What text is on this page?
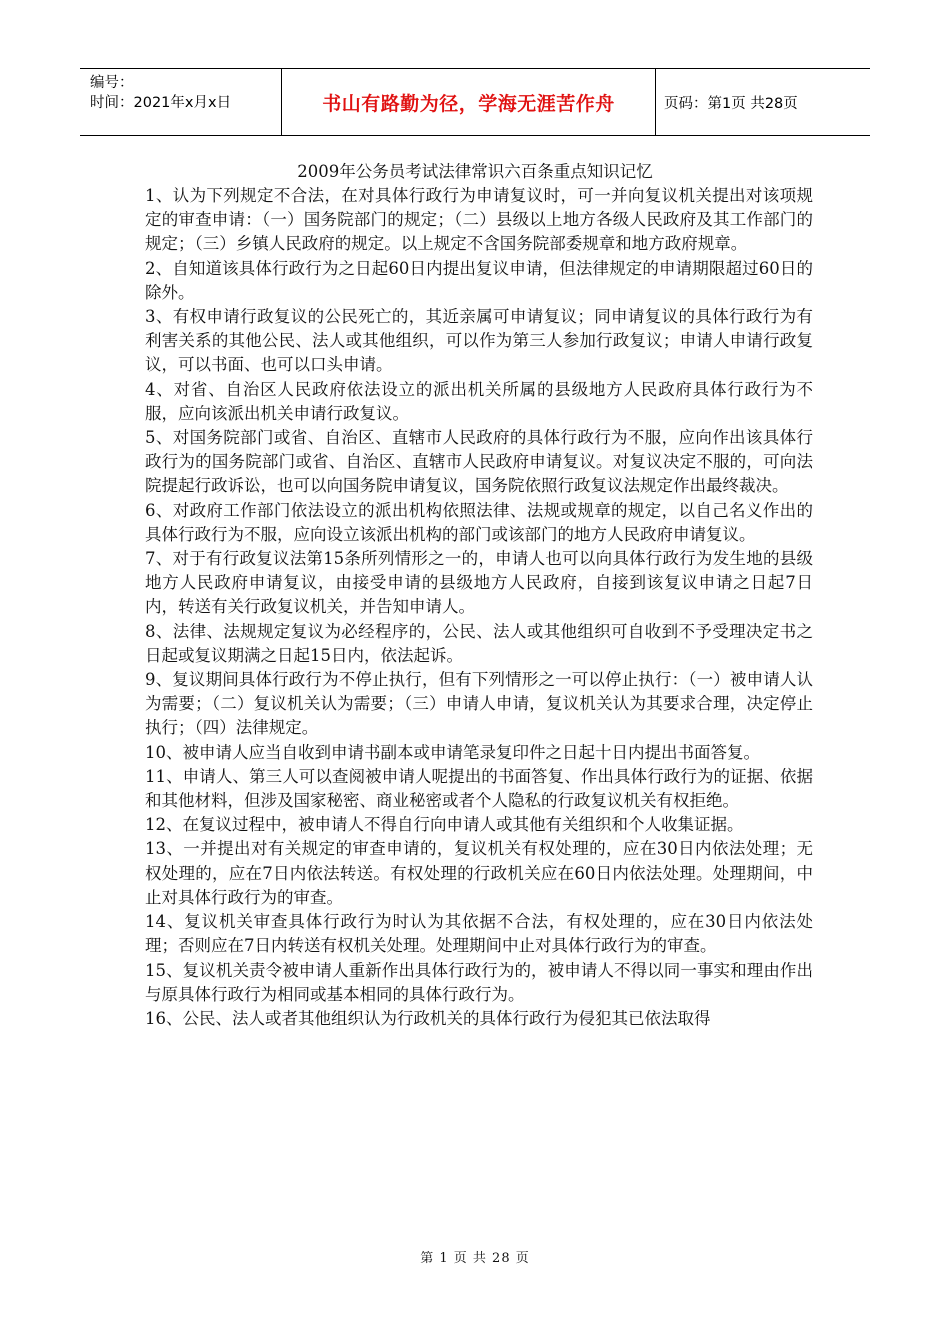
编号：
时间：2021年x月x日	书山有路勤为径，学海无涯苦作舟	页码：第1页 共28页
2009年公务员考试法律常识六百条重点知识记忆

1、认为下列规定不合法，在对具体行政行为申请复议时，可一并向复议机关提出对该项规定的审查申请：（一）国务院部门的规定；（二）县级以上地方各级人民政府及其工作部门的规定；（三）乡镇人民政府的规定。以上规定不含国务院部委规章和地方政府规章。

2、自知道该具体行政行为之日起60日内提出复议申请，但法律规定的申请期限超过60日的除外。

3、有权申请行政复议的公民死亡的，其近亲属可申请复议；同申请复议的具体行政行为有利害关系的其他公民、法人或其他组织，可以作为第三人参加行政复议；申请人申请行政复议，可以书面、也可以口头申请。

4、对省、自治区人民政府依法设立的派出机关所属的县级地方人民政府具体行政行为不服，应向该派出机关申请行政复议。

5、对国务院部门或省、自治区、直辖市人民政府的具体行政行为不服，应向作出该具体行政行为的国务院部门或省、自治区、直辖市人民政府申请复议。对复议决定不服的，可向法院提起行政诉讼，也可以向国务院申请复议，国务院依照行政复议法规定作出最终裁决。

6、对政府工作部门依法设立的派出机构依照法律、法规或规章的规定，以自己名义作出的具体行政行为不服，应向设立该派出机构的部门或该部门的地方人民政府申请复议。

7、对于有行政复议法第15条所列情形之一的，申请人也可以向具体行政行为发生地的县级地方人民政府申请复议，由接受申请的县级地方人民政府，自接到该复议申请之日起7日内，转送有关行政复议机关，并告知申请人。

8、法律、法规规定复议为必经程序的，公民、法人或其他组织可自收到不予受理决定书之日起或复议期满之日起15日内，依法起诉。

9、复议期间具体行政行为不停止执行，但有下列情形之一可以停止执行：（一）被申请人认为需要；（二）复议机关认为需要；（三）申请人申请，复议机关认为其要求合理，决定停止执行；（四）法律规定。

10、被申请人应当自收到申请书副本或申请笔录复印件之日起十日内提出书面答复。

11、申请人、第三人可以查阅被申请人呢提出的书面答复、作出具体行政行为的证据、依据和其他材料，但涉及国家秘密、商业秘密或者个人隐私的行政复议机关有权拒绝。

12、在复议过程中，被申请人不得自行向申请人或其他有关组织和个人收集证据。

13、一并提出对有关规定的审查申请的，复议机关有权处理的，应在30日内依法处理；无权处理的，应在7日内依法转送。有权处理的行政机关应在60日内依法处理。处理期间，中止对具体行政行为的审查。

14、复议机关审查具体行政行为时认为其依据不合法，有权处理的，应在30日内依法处理；否则应在7日内转送有权机关处理。处理期间中止对具体行政行为的审查。

15、复议机关责令被申请人重新作出具体行政行为的，被申请人不得以同一事实和理由作出与原具体行政行为相同或基本相同的具体行政行为。

16、公民、法人或者其他组织认为行政机关的具体行政行为侵犯其已依法取得

第 1 页 共 28 页
